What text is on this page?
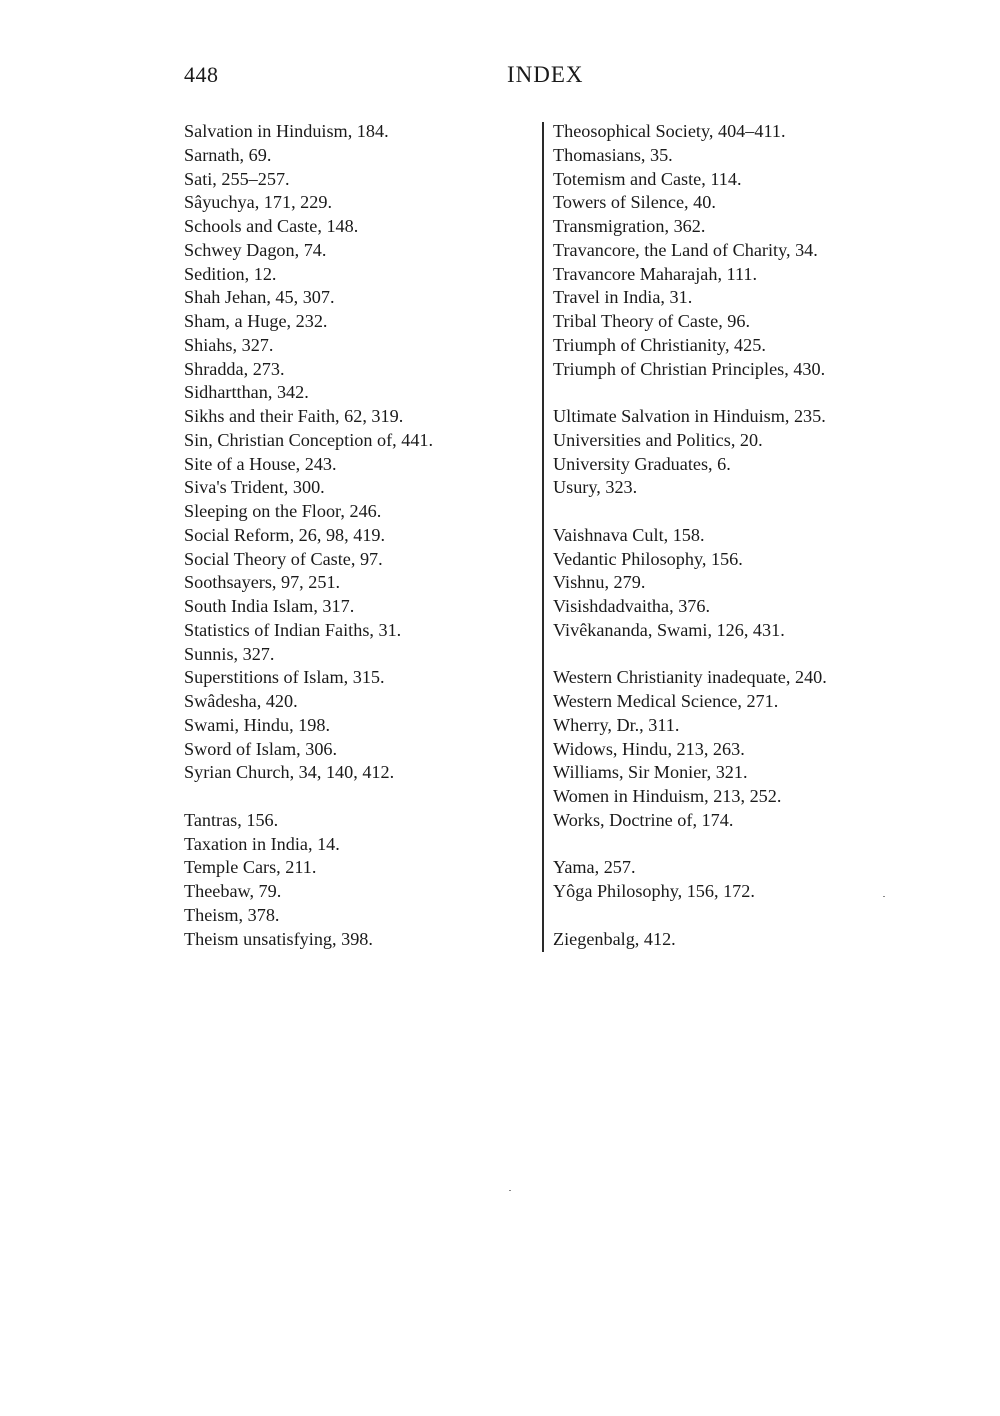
448	INDEX
Salvation in Hinduism, 184.
Sarnath, 69.
Sati, 255–257.
Sâyuchya, 171, 229.
Schools and Caste, 148.
Schwey Dagon, 74.
Sedition, 12.
Shah Jehan, 45, 307.
Sham, a Huge, 232.
Shiahs, 327.
Shradda, 273.
Sidhartthan, 342.
Sikhs and their Faith, 62, 319.
Sin, Christian Conception of, 441.
Site of a House, 243.
Siva's Trident, 300.
Sleeping on the Floor, 246.
Social Reform, 26, 98, 419.
Social Theory of Caste, 97.
Soothsayers, 97, 251.
South India Islam, 317.
Statistics of Indian Faiths, 31.
Sunnis, 327.
Superstitions of Islam, 315.
Swâdesha, 420.
Swami, Hindu, 198.
Sword of Islam, 306.
Syrian Church, 34, 140, 412.
Tantras, 156.
Taxation in India, 14.
Temple Cars, 211.
Theebaw, 79.
Theism, 378.
Theism unsatisfying, 398.
Theosophical Society, 404–411.
Thomasians, 35.
Totemism and Caste, 114.
Towers of Silence, 40.
Transmigration, 362.
Travancore, the Land of Charity, 34.
Travancore Maharajah, 111.
Travel in India, 31.
Tribal Theory of Caste, 96.
Triumph of Christianity, 425.
Triumph of Christian Principles, 430.
Ultimate Salvation in Hinduism, 235.
Universities and Politics, 20.
University Graduates, 6.
Usury, 323.
Vaishnava Cult, 158.
Vedantic Philosophy, 156.
Vishnu, 279.
Visishdadvaitha, 376.
Vivêkananda, Swami, 126, 431.
Western Christianity inadequate, 240.
Western Medical Science, 271.
Wherry, Dr., 311.
Widows, Hindu, 213, 263.
Williams, Sir Monier, 321.
Women in Hinduism, 213, 252.
Works, Doctrine of, 174.
Yama, 257.
Yôga Philosophy, 156, 172.
Ziegenbalg, 412.
